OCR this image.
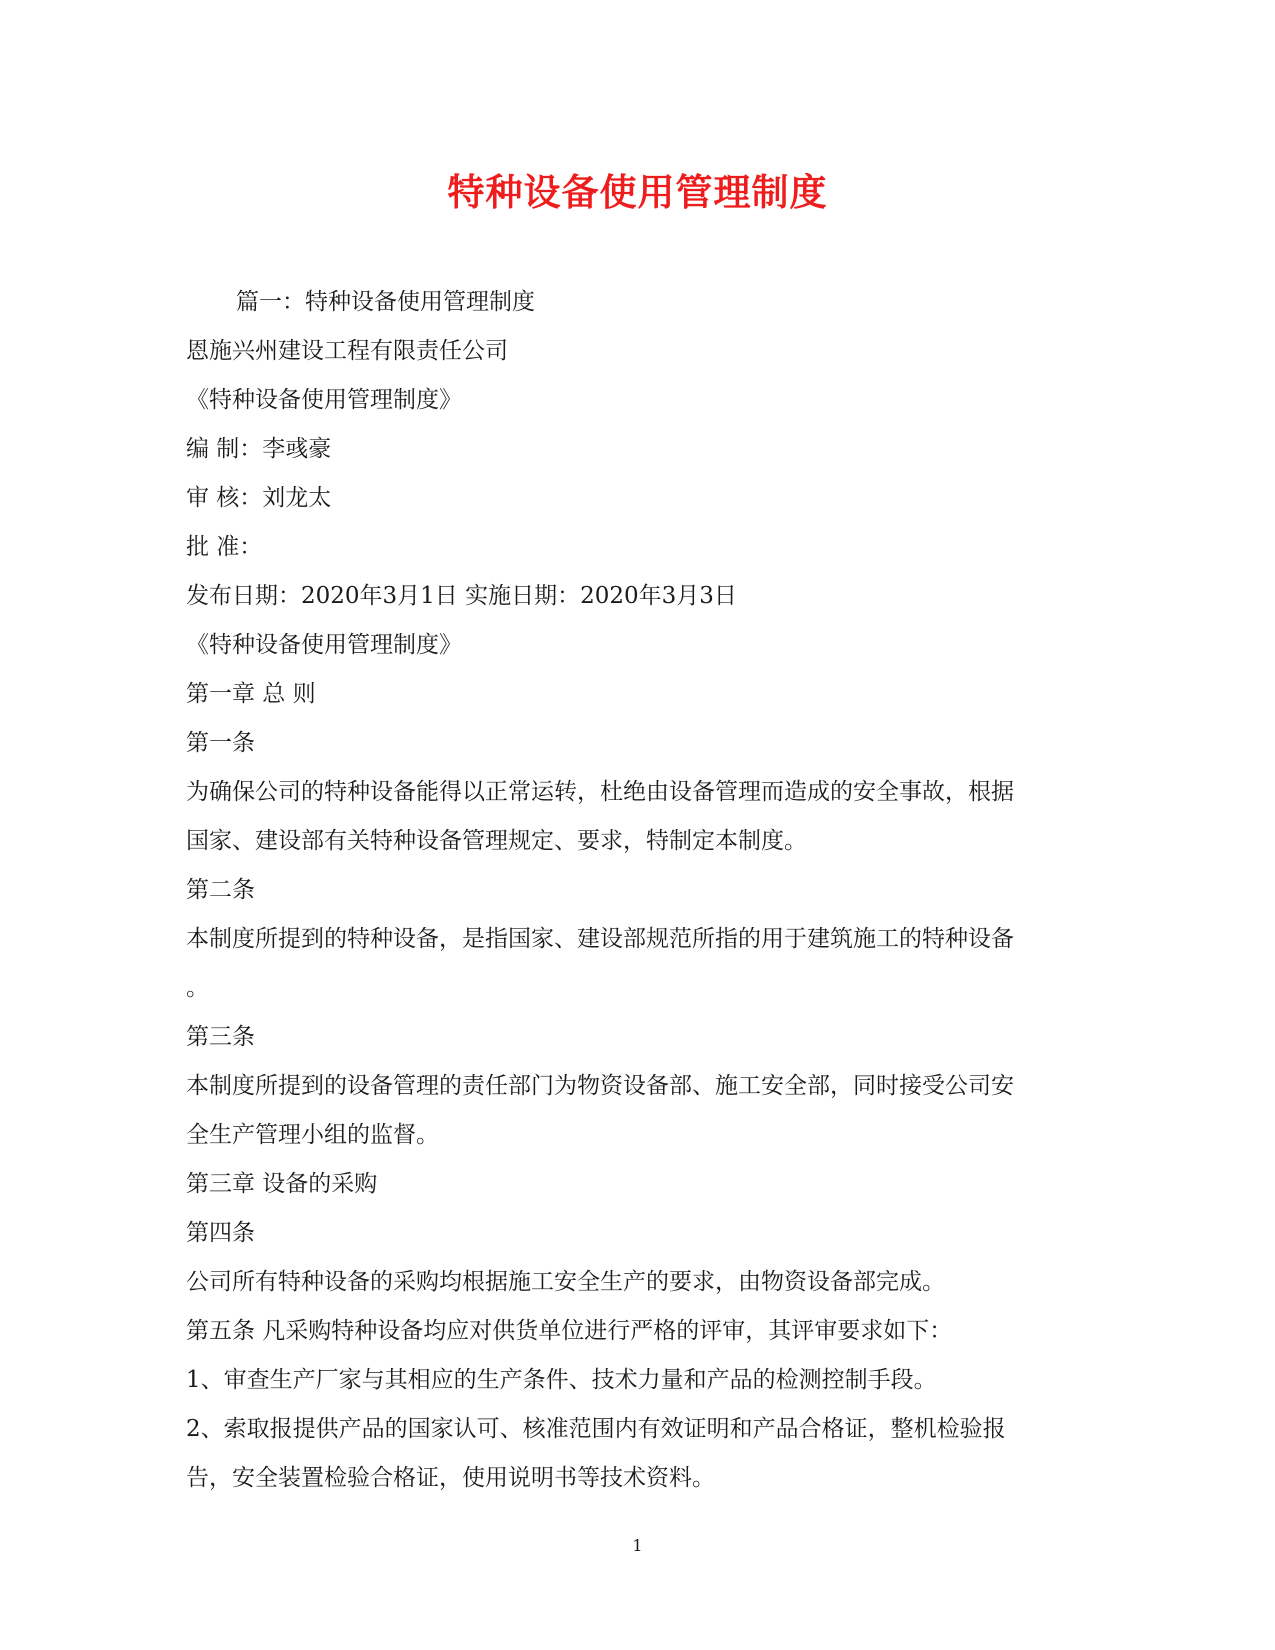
特种设备使用管理制度

篇一：特种设备使用管理制度

恩施兴州建设工程有限责任公司

《特种设备使用管理制度》

编 制：李彧豪

审 核：刘龙太

批 准：

发布日期：2020年3月1日 实施日期：2020年3月3日

《特种设备使用管理制度》

第一章 总 则

第一条

为确保公司的特种设备能得以正常运转，杜绝由设备管理而造成的安全事故，根据

国家、建设部有关特种设备管理规定、要求，特制定本制度。

第二条

本制度所提到的特种设备，是指国家、建设部规范所指的用于建筑施工的特种设备

。

第三条

本制度所提到的设备管理的责任部门为物资设备部、施工安全部，同时接受公司安

全生产管理小组的监督。

第三章 设备的采购

第四条

公司所有特种设备的采购均根据施工安全生产的要求，由物资设备部完成。

第五条 凡采购特种设备均应对供货单位进行严格的评审，其评审要求如下：

1、审查生产厂家与其相应的生产条件、技术力量和产品的检测控制手段。

2、索取报提供产品的国家认可、核准范围内有效证明和产品合格证，整机检验报

告，安全装置检验合格证，使用说明书等技术资料。

1
